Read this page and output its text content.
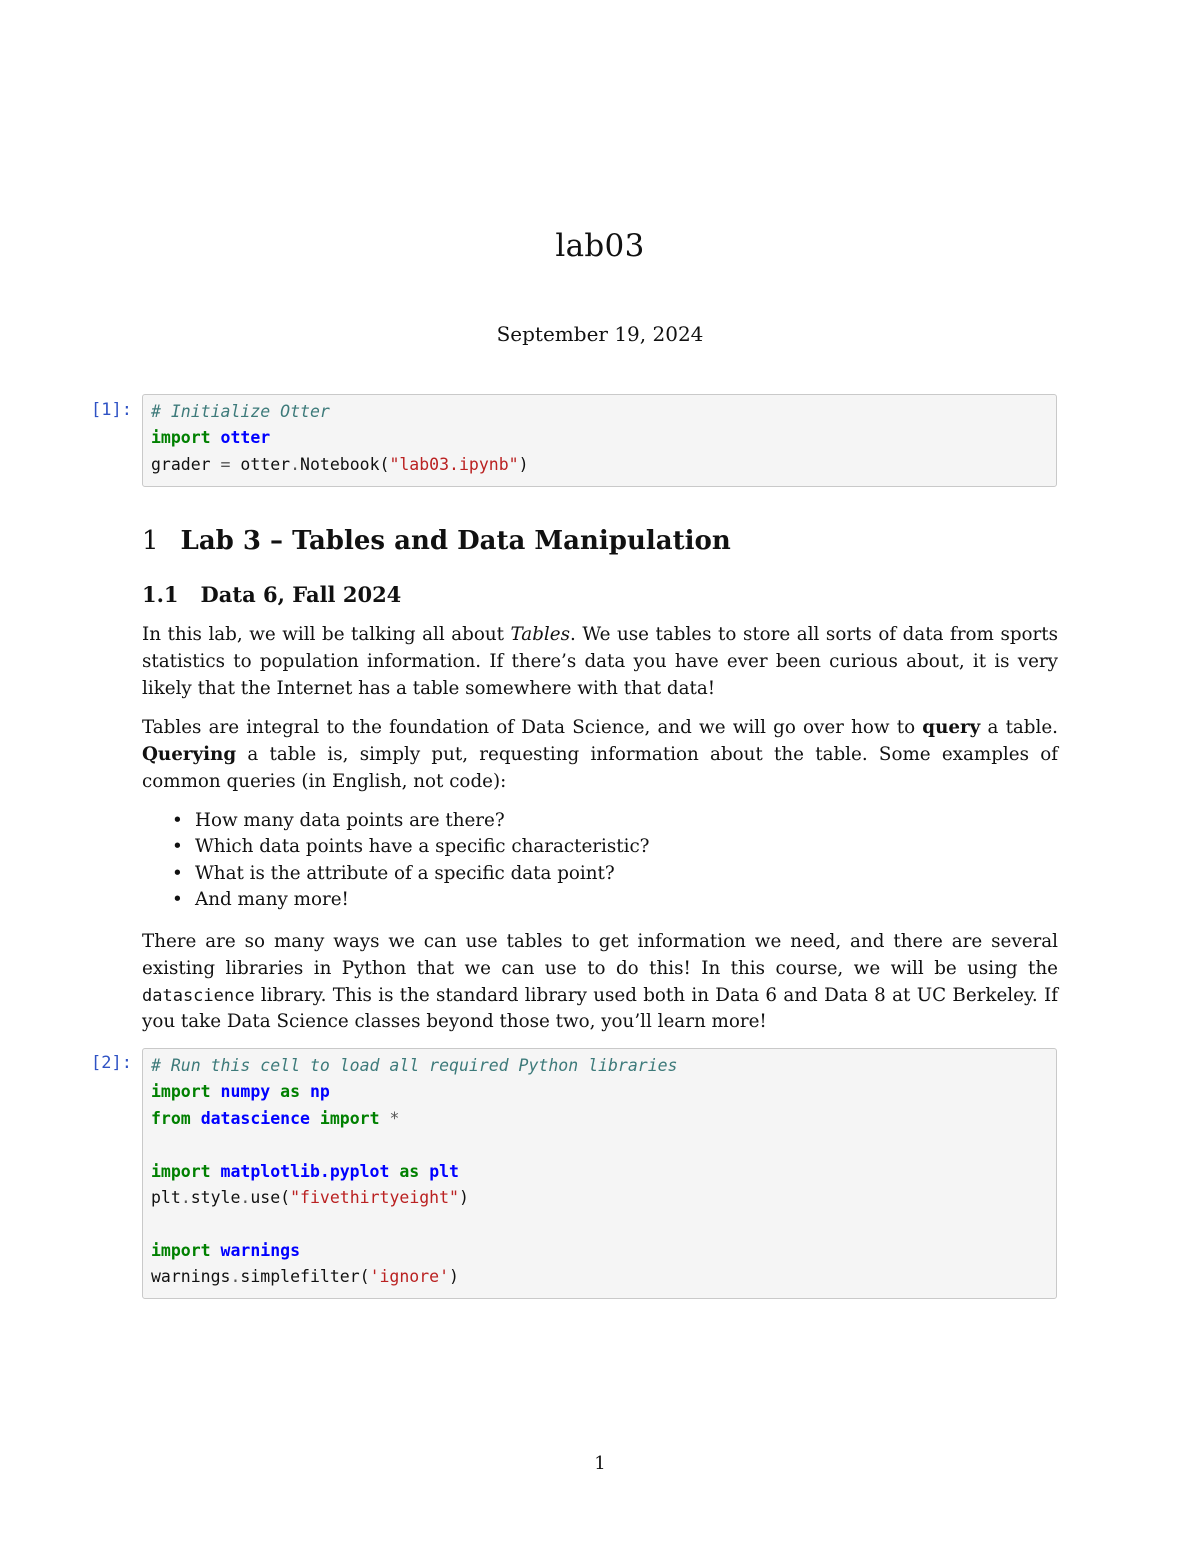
lab03
September 19, 2024
[1]:	# Initialize Otter
import otter
grader = otter.Notebook("lab03.ipynb")
1 Lab 3 – Tables and Data Manipulation
1.1 Data 6, Fall 2024

In this lab, we will be talking all about Tables. We use tables to store all sorts of data from sports statistics to population information. If there’s data you have ever been curious about, it is very likely that the Internet has a table somewhere with that data!

Tables are integral to the foundation of Data Science, and we will go over how to query a table. Querying a table is, simply put, requesting information about the table. Some examples of common queries (in English, not code):

• How many data points are there?
• Which data points have a specific characteristic?
• What is the attribute of a specific data point?
• And many more!

There are so many ways we can use tables to get information we need, and there are several existing libraries in Python that we can use to do this! In this course, we will be using the datascience library. This is the standard library used both in Data 6 and Data 8 at UC Berkeley. If you take Data Science classes beyond those two, you’ll learn more!

[2]:	# Run this cell to load all required Python libraries
import numpy as np
from datascience import *

import matplotlib.pyplot as plt
plt.style.use("fivethirtyeight")

import warnings
warnings.simplefilter('ignore')
1
